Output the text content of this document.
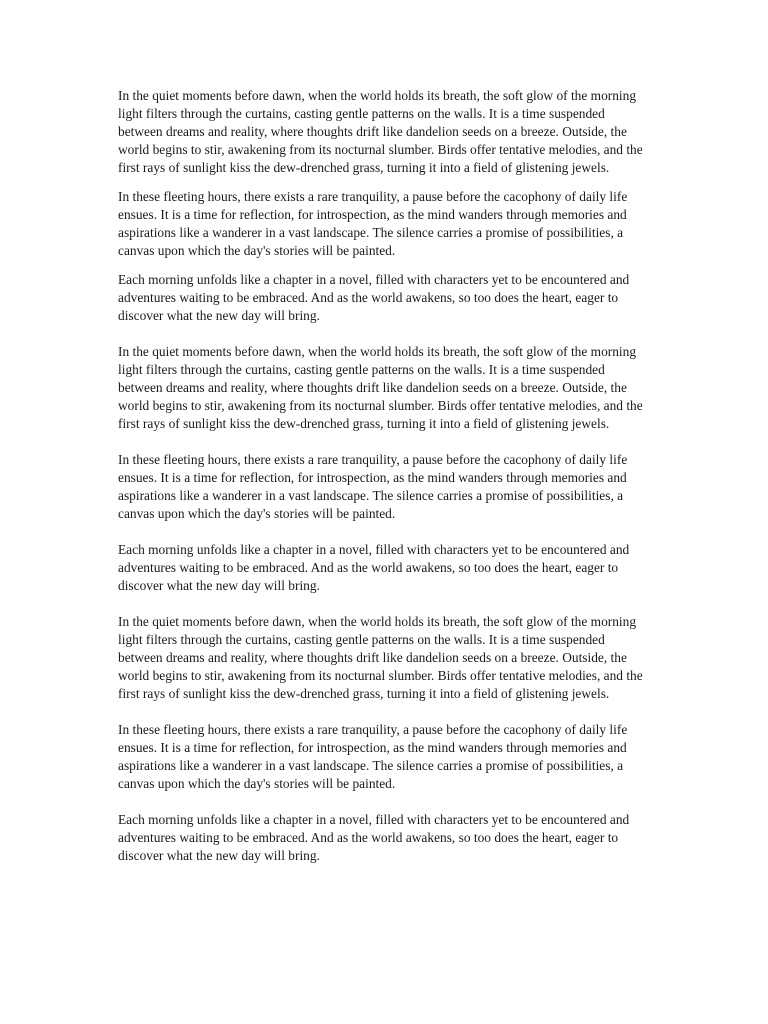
In the quiet moments before dawn, when the world holds its breath, the soft glow of the morning light filters through the curtains, casting gentle patterns on the walls. It is a time suspended between dreams and reality, where thoughts drift like dandelion seeds on a breeze. Outside, the world begins to stir, awakening from its nocturnal slumber. Birds offer tentative melodies, and the first rays of sunlight kiss the dew-drenched grass, turning it into a field of glistening jewels.

In these fleeting hours, there exists a rare tranquility, a pause before the cacophony of daily life ensues. It is a time for reflection, for introspection, as the mind wanders through memories and aspirations like a wanderer in a vast landscape. The silence carries a promise of possibilities, a canvas upon which the day's stories will be painted.

Each morning unfolds like a chapter in a novel, filled with characters yet to be encountered and adventures waiting to be embraced. And as the world awakens, so too does the heart, eager to discover what the new day will bring.

In the quiet moments before dawn, when the world holds its breath, the soft glow of the morning light filters through the curtains, casting gentle patterns on the walls. It is a time suspended between dreams and reality, where thoughts drift like dandelion seeds on a breeze. Outside, the world begins to stir, awakening from its nocturnal slumber. Birds offer tentative melodies, and the first rays of sunlight kiss the dew-drenched grass, turning it into a field of glistening jewels.

In these fleeting hours, there exists a rare tranquility, a pause before the cacophony of daily life ensues. It is a time for reflection, for introspection, as the mind wanders through memories and aspirations like a wanderer in a vast landscape. The silence carries a promise of possibilities, a canvas upon which the day's stories will be painted.

Each morning unfolds like a chapter in a novel, filled with characters yet to be encountered and adventures waiting to be embraced. And as the world awakens, so too does the heart, eager to discover what the new day will bring.

In the quiet moments before dawn, when the world holds its breath, the soft glow of the morning light filters through the curtains, casting gentle patterns on the walls. It is a time suspended between dreams and reality, where thoughts drift like dandelion seeds on a breeze. Outside, the world begins to stir, awakening from its nocturnal slumber. Birds offer tentative melodies, and the first rays of sunlight kiss the dew-drenched grass, turning it into a field of glistening jewels.

In these fleeting hours, there exists a rare tranquility, a pause before the cacophony of daily life ensues. It is a time for reflection, for introspection, as the mind wanders through memories and aspirations like a wanderer in a vast landscape. The silence carries a promise of possibilities, a canvas upon which the day's stories will be painted.

Each morning unfolds like a chapter in a novel, filled with characters yet to be encountered and adventures waiting to be embraced. And as the world awakens, so too does the heart, eager to discover what the new day will bring.
